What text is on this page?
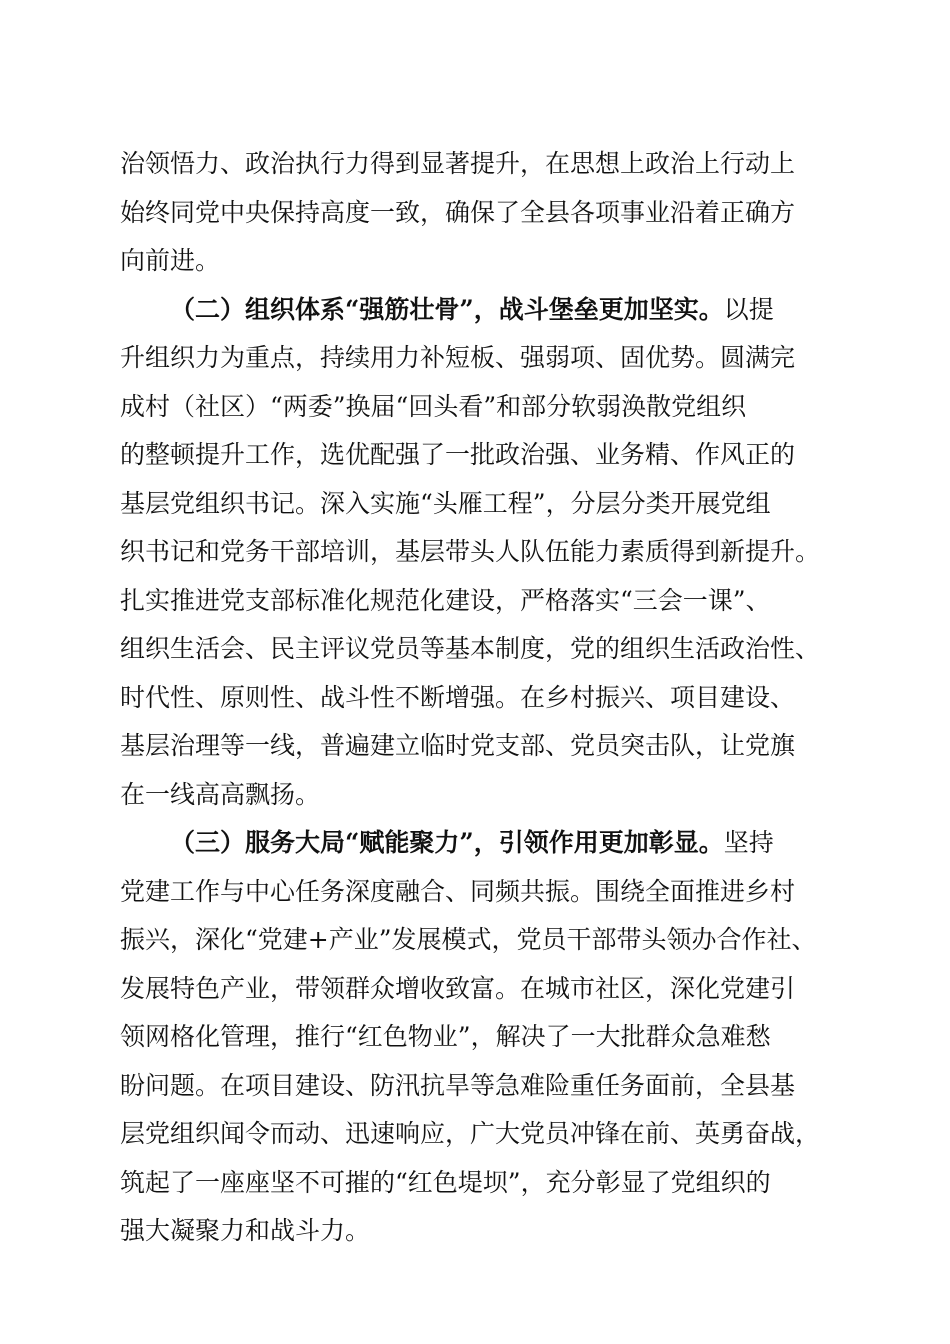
治领悟力、政治执行力得到显著提升，在思想上政治上行动上
始终同党中央保持高度一致，确保了全县各项事业沿着正确方
向前进。
（二）组织体系“强筋壮骨”，战斗堡垒更加坚实。以提
升组织力为重点，持续用力补短板、强弱项、固优势。圆满完
成村（社区）“两委”换届“回头看”和部分软弱涣散党组织
的整顿提升工作，选优配强了一批政治强、业务精、作风正的
基层党组织书记。深入实施“头雁工程”，分层分类开展党组
织书记和党务干部培训，基层带头人队伍能力素质得到新提升。
扎实推进党支部标准化规范化建设，严格落实“三会一课”、
组织生活会、民主评议党员等基本制度，党的组织生活政治性、
时代性、原则性、战斗性不断增强。在乡村振兴、项目建设、
基层治理等一线，普遍建立临时党支部、党员突击队，让党旗
在一线高高飘扬。
（三）服务大局“赋能聚力”，引领作用更加彰显。坚持
党建工作与中心任务深度融合、同频共振。围绕全面推进乡村
振兴，深化“党建+产业”发展模式，党员干部带头领办合作社、
发展特色产业，带领群众增收致富。在城市社区，深化党建引
领网格化管理，推行“红色物业”，解决了一大批群众急难愁
盼问题。在项目建设、防汛抗旱等急难险重任务面前，全县基
层党组织闻令而动、迅速响应，广大党员冲锋在前、英勇奋战，
筑起了一座座坚不可摧的“红色堤坝”，充分彰显了党组织的
强大凝聚力和战斗力。
